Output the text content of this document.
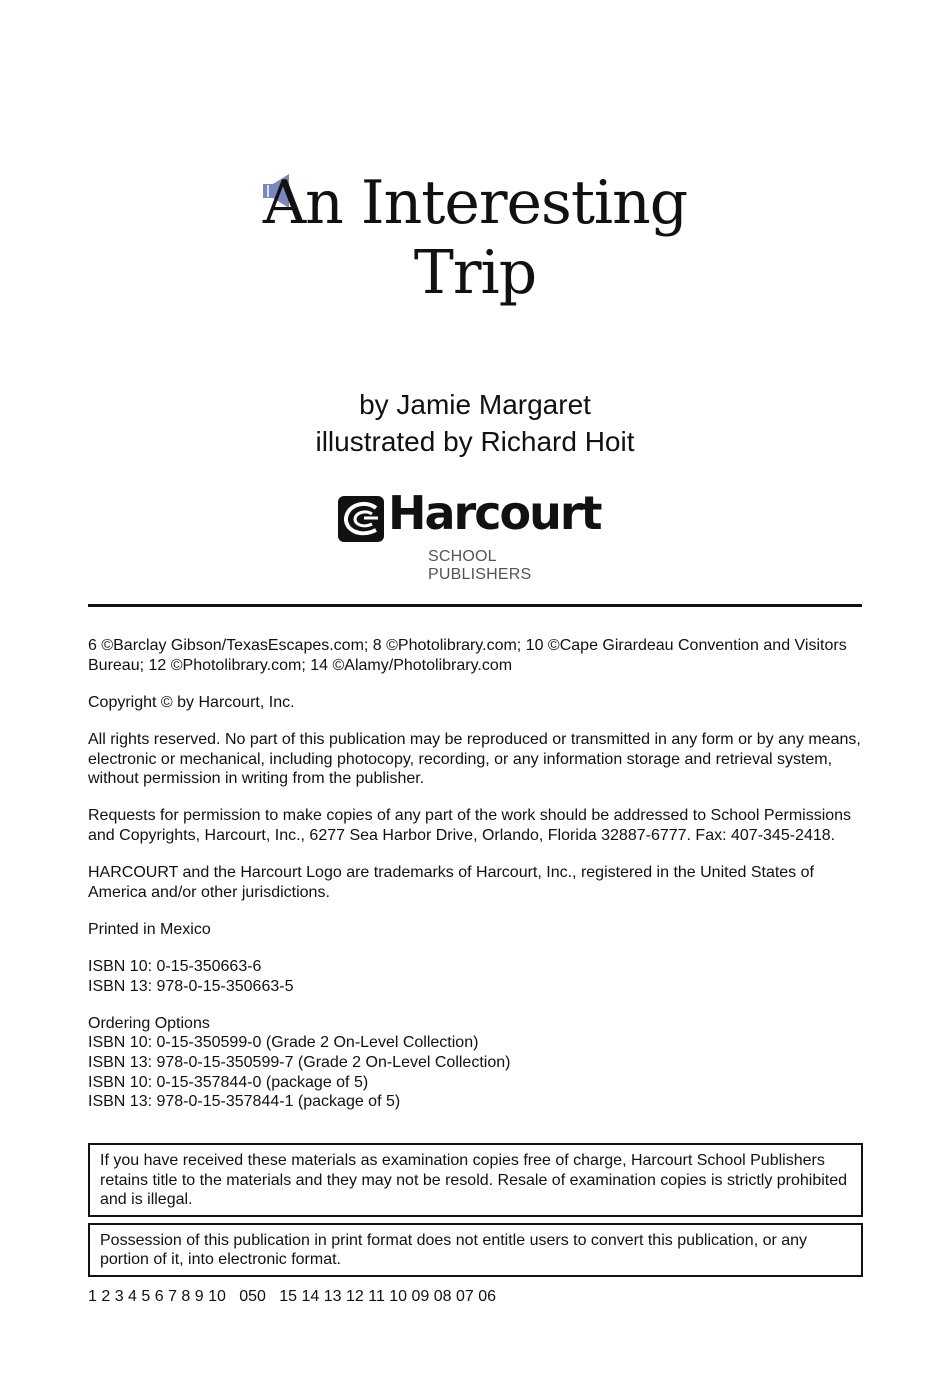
An Interesting
Trip
by Jamie Margaret
illustrated by Richard Hoit
Harcourt
SCHOOL PUBLISHERS

6 ©Barclay Gibson/TexasEscapes.com; 8 ©Photolibrary.com; 10 ©Cape Girardeau Convention and Visitors Bureau; 12 ©Photolibrary.com; 14 ©Alamy/Photolibrary.com

Copyright © by Harcourt, Inc.

All rights reserved. No part of this publication may be reproduced or transmitted in any form or by any means, electronic or mechanical, including photocopy, recording, or any information storage and retrieval system, without permission in writing from the publisher.

Requests for permission to make copies of any part of the work should be addressed to School Permissions and Copyrights, Harcourt, Inc., 6277 Sea Harbor Drive, Orlando, Florida 32887-6777. Fax: 407-345-2418.

HARCOURT and the Harcourt Logo are trademarks of Harcourt, Inc., registered in the United States of America and/or other jurisdictions.

Printed in Mexico

ISBN 10: 0-15-350663-6
ISBN 13: 978-0-15-350663-5

Ordering Options
ISBN 10: 0-15-350599-0 (Grade 2 On-Level Collection)
ISBN 13: 978-0-15-350599-7 (Grade 2 On-Level Collection)
ISBN 10: 0-15-357844-0 (package of 5)
ISBN 13: 978-0-15-357844-1 (package of 5)

If you have received these materials as examination copies free of charge, Harcourt School Publishers retains title to the materials and they may not be resold. Resale of examination copies is strictly prohibited and is illegal.
Possession of this publication in print format does not entitle users to convert this publication, or any portion of it, into electronic format.
1 2 3 4 5 6 7 8 9 10   050   15 14 13 12 11 10 09 08 07 06
